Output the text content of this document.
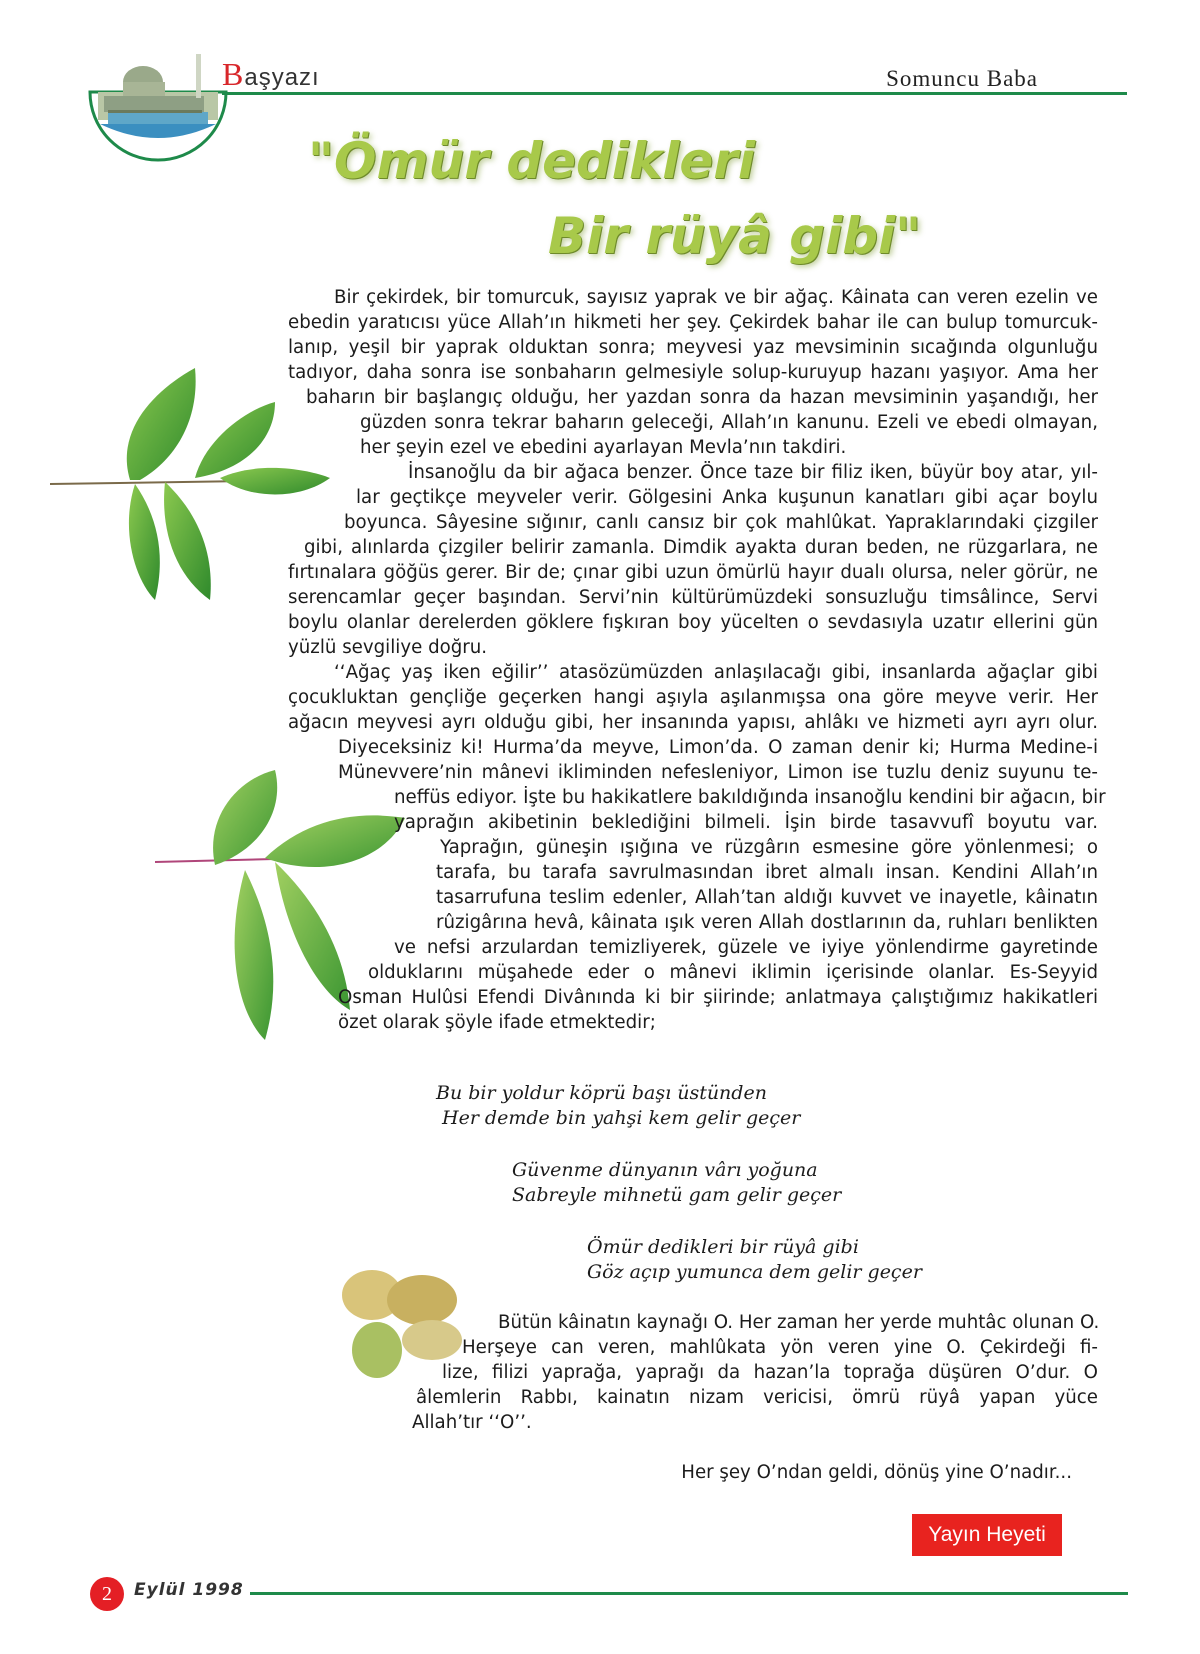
Başyazı	Somuncu Baba
"Ömür dedikleri
Bir rüyâ gibi"
Bir çekirdek, bir tomurcuk, sayısız yaprak ve bir ağaç. Kâinata can veren ezelin ve
ebedin yaratıcısı yüce Allah’ın hikmeti her şey. Çekirdek bahar ile can bulup tomurcuk-
lanıp, yeşil bir yaprak olduktan sonra; meyvesi yaz mevsiminin sıcağında olgunluğu
tadıyor, daha sonra ise sonbaharın gelmesiyle solup-kuruyup hazanı yaşıyor. Ama her
baharın bir başlangıç olduğu, her yazdan sonra da hazan mevsiminin yaşandığı, her
güzden sonra tekrar baharın geleceği, Allah’ın kanunu. Ezeli ve ebedi olmayan,
her şeyin ezel ve ebedini ayarlayan Mevla’nın takdiri.
İnsanoğlu da bir ağaca benzer. Önce taze bir filiz iken, büyür boy atar, yıl-
lar geçtikçe meyveler verir. Gölgesini Anka kuşunun kanatları gibi açar boylu
boyunca. Sâyesine sığınır, canlı cansız bir çok mahlûkat. Yapraklarındaki çizgiler
gibi, alınlarda çizgiler belirir zamanla. Dimdik ayakta duran beden, ne rüzgarlara, ne
fırtınalara göğüs gerer. Bir de; çınar gibi uzun ömürlü hayır dualı olursa, neler görür, ne
serencamlar geçer başından. Servi’nin kültürümüzdeki sonsuzluğu timsâlince, Servi
boylu olanlar derelerden göklere fışkıran boy yücelten o sevdasıyla uzatır ellerini gün
yüzlü sevgiliye doğru.
‘‘Ağaç yaş iken eğilir’’ atasözümüzden anlaşılacağı gibi, insanlarda ağaçlar gibi
çocukluktan gençliğe geçerken hangi aşıyla aşılanmışsa ona göre meyve verir. Her
ağacın meyvesi ayrı olduğu gibi, her insanında yapısı, ahlâkı ve hizmeti ayrı ayrı olur.
Diyeceksiniz ki! Hurma’da meyve, Limon’da. O zaman denir ki; Hurma Medine-i
Münevvere’nin mânevi ikliminden nefesleniyor, Limon ise tuzlu deniz suyunu te-
neffüs ediyor. İşte bu hakikatlere bakıldığında insanoğlu kendini bir ağacın, bir
yaprağın akibetinin beklediğini bilmeli. İşin birde tasavvufî boyutu var.
Yaprağın, güneşin ışığına ve rüzgârın esmesine göre yönlenmesi; o
tarafa, bu tarafa savrulmasından ibret almalı insan. Kendini Allah’ın
tasarrufuna teslim edenler, Allah’tan aldığı kuvvet ve inayetle, kâinatın
rûzigârına hevâ, kâinata ışık veren Allah dostlarının da, ruhları benlikten
ve nefsi arzulardan temizliyerek, güzele ve iyiye yönlendirme gayretinde
olduklarını müşahede eder o mânevi iklimin içerisinde olanlar. Es-Seyyid
Osman Hulûsi Efendi Divânında ki bir şiirinde; anlatmaya çalıştığımız hakikatleri
özet olarak şöyle ifade etmektedir;
Bu bir yoldur köprü başı üstünden
Her demde bin yahşi kem gelir geçer
Güvenme dünyanın vârı yoğuna
Sabreyle mihnetü gam gelir geçer
Ömür dedikleri bir rüyâ gibi
Göz açıp yumunca dem gelir geçer
Bütün kâinatın kaynağı O. Her zaman her yerde muhtâc olunan O.
Herşeye can veren, mahlûkata yön veren yine O. Çekirdeği fi-
lize, filizi yaprağa, yaprağı da hazan’la toprağa düşüren O’dur. O
âlemlerin Rabbı, kainatın nizam vericisi, ömrü rüyâ yapan yüce
Allah’tır ‘‘O’’.
Her şey O’ndan geldi, dönüş yine O’nadır...
Yayın Heyeti
2	Eylül 1998
